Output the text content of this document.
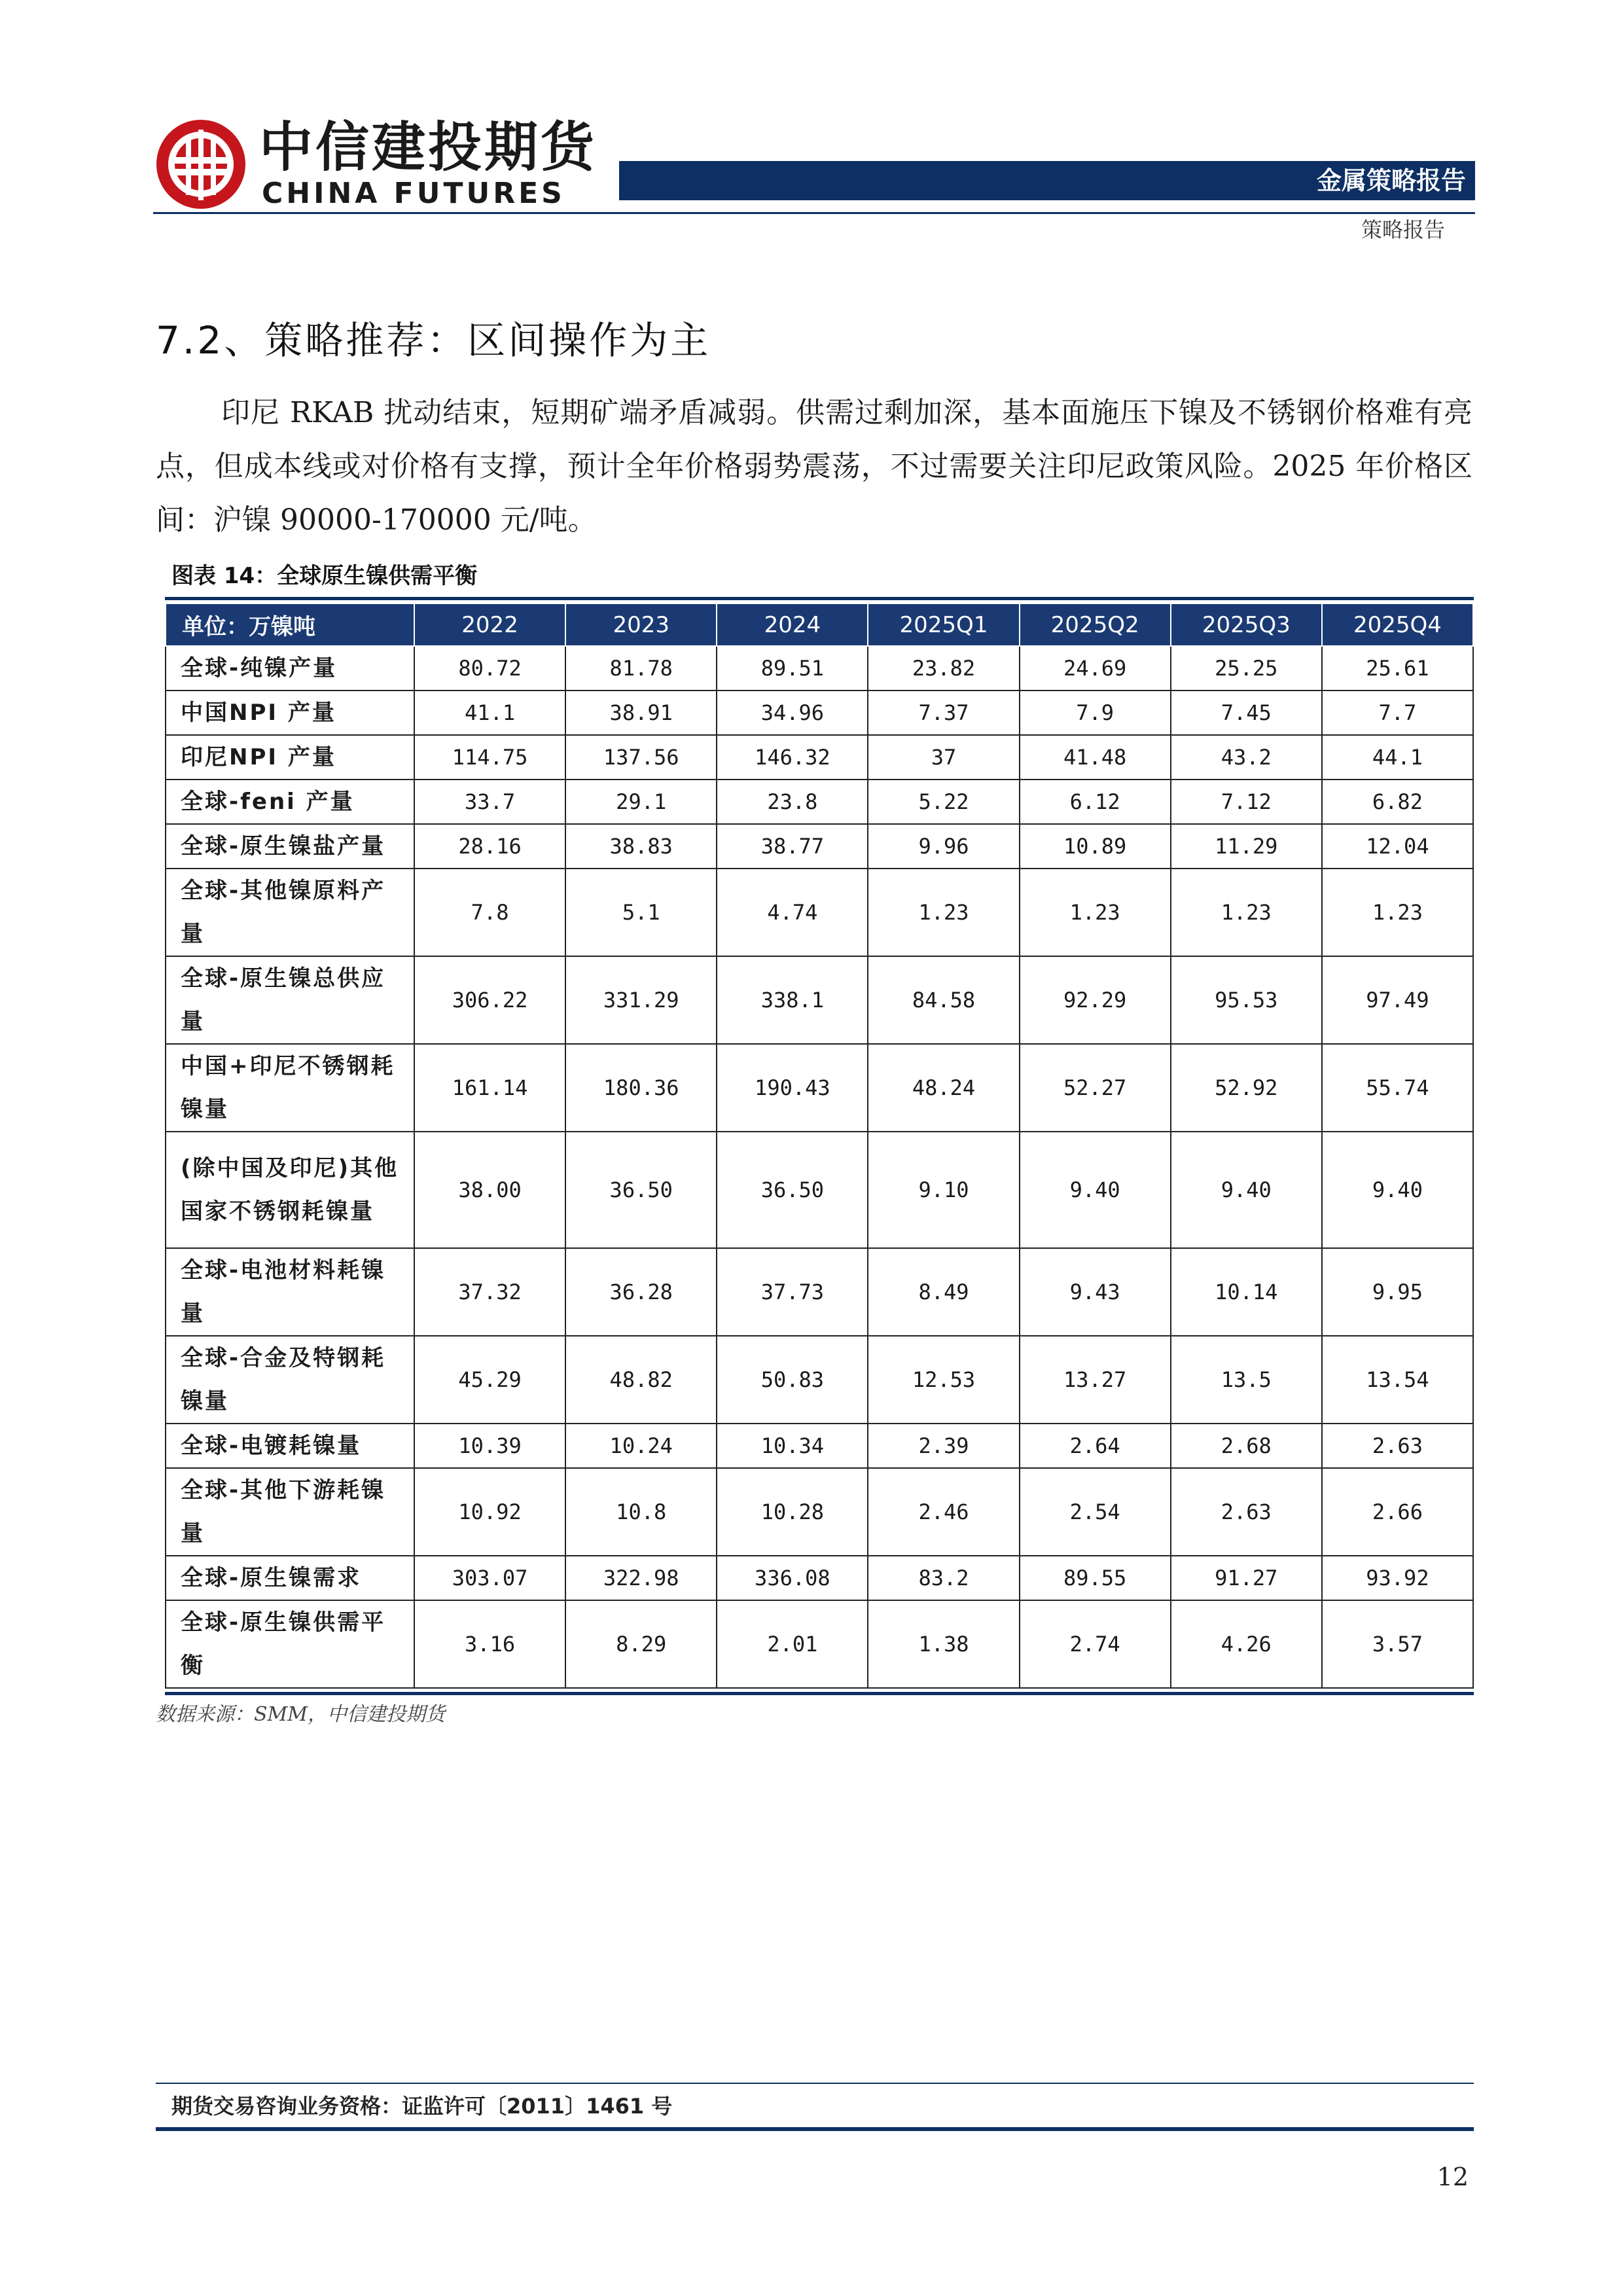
中信建投期货
CHINA FUTURES	金属策略报告
策略报告
7.2、策略推荐：区间操作为主
印尼 RKAB 扰动结束，短期矿端矛盾减弱。供需过剩加深，基本面施压下镍及不锈钢价格难有亮点，但成本线或对价格有支撑，预计全年价格弱势震荡，不过需要关注印尼政策风险。2025 年价格区间：沪镍 90000-170000 元/吨。
图表 14：全球原生镍供需平衡
单位：万镍吨	2022	2023	2024	2025Q1	2025Q2	2025Q3	2025Q4
全球-纯镍产量	80.72	81.78	89.51	23.82	24.69	25.25	25.61
中国NPI 产量	41.1	38.91	34.96	7.37	7.9	7.45	7.7
印尼NPI 产量	114.75	137.56	146.32	37	41.48	43.2	44.1
全球-feni 产量	33.7	29.1	23.8	5.22	6.12	7.12	6.82
全球-原生镍盐产量	28.16	38.83	38.77	9.96	10.89	11.29	12.04
全球-其他镍原料产量	7.8	5.1	4.74	1.23	1.23	1.23	1.23
全球-原生镍总供应量	306.22	331.29	338.1	84.58	92.29	95.53	97.49
中国+印尼不锈钢耗镍量	161.14	180.36	190.43	48.24	52.27	52.92	55.74
(除中国及印尼)其他国家不锈钢耗镍量	38.00	36.50	36.50	9.10	9.40	9.40	9.40
全球-电池材料耗镍量	37.32	36.28	37.73	8.49	9.43	10.14	9.95
全球-合金及特钢耗镍量	45.29	48.82	50.83	12.53	13.27	13.5	13.54
全球-电镀耗镍量	10.39	10.24	10.34	2.39	2.64	2.68	2.63
全球-其他下游耗镍量	10.92	10.8	10.28	2.46	2.54	2.63	2.66
全球-原生镍需求	303.07	322.98	336.08	83.2	89.55	91.27	93.92
全球-原生镍供需平衡	3.16	8.29	2.01	1.38	2.74	4.26	3.57
数据来源：SMM，中信建投期货
期货交易咨询业务资格：证监许可〔2011〕1461 号
12
